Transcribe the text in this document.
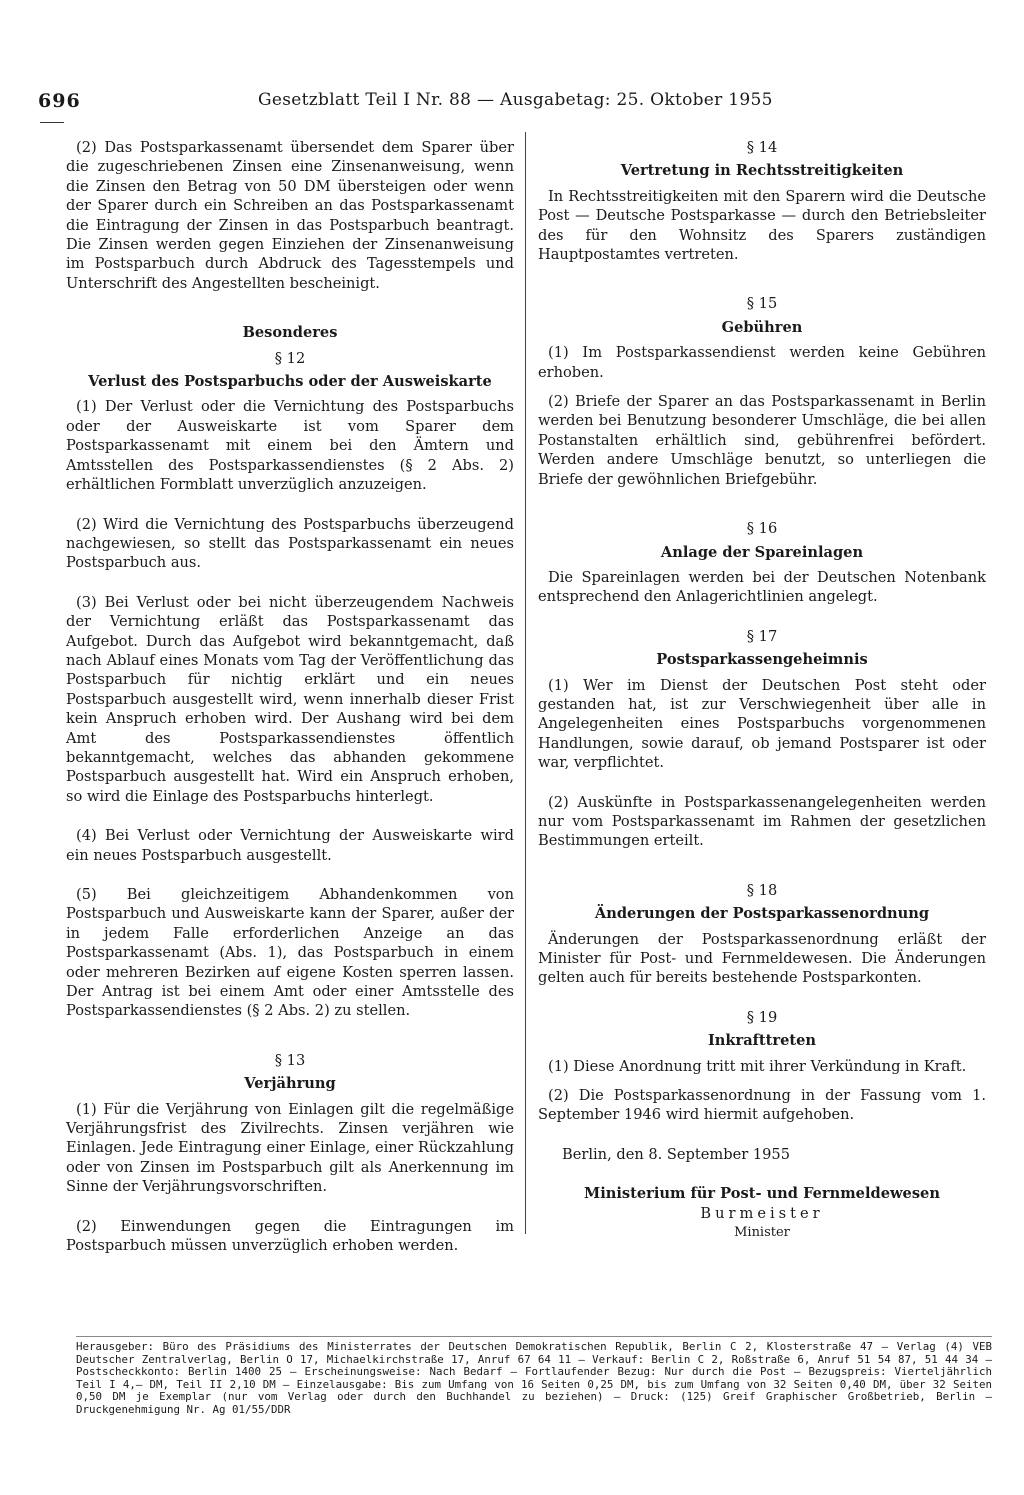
696	Gesetzblatt Teil I Nr. 88 — Ausgabetag: 25. Oktober 1955

(2) Das Postsparkassenamt übersendet dem Sparer über die zugeschriebenen Zinsen eine Zinsenanweisung, wenn die Zinsen den Betrag von 50 DM übersteigen oder wenn der Sparer durch ein Schreiben an das Postsparkassenamt die Eintragung der Zinsen in das Postsparbuch beantragt. Die Zinsen werden gegen Einziehen der Zinsenanweisung im Postsparbuch durch Abdruck des Tagesstempels und Unterschrift des Angestellten bescheinigt.

Besonderes

§ 12

Verlust des Postsparbuchs oder der Ausweiskarte

(1) Der Verlust oder die Vernichtung des Postsparbuchs oder der Ausweiskarte ist vom Sparer dem Postsparkassenamt mit einem bei den Ämtern und Amtsstellen des Postsparkassendienstes (§ 2 Abs. 2) erhältlichen Formblatt unverzüglich anzuzeigen.

(2) Wird die Vernichtung des Postsparbuchs überzeugend nachgewiesen, so stellt das Postsparkassenamt ein neues Postsparbuch aus.

(3) Bei Verlust oder bei nicht überzeugendem Nachweis der Vernichtung erläßt das Postsparkassenamt das Aufgebot. Durch das Aufgebot wird bekanntgemacht, daß nach Ablauf eines Monats vom Tag der Veröffentlichung das Postsparbuch für nichtig erklärt und ein neues Postsparbuch ausgestellt wird, wenn innerhalb dieser Frist kein Anspruch erhoben wird. Der Aushang wird bei dem Amt des Postsparkassendienstes öffentlich bekanntgemacht, welches das abhanden gekommene Postsparbuch ausgestellt hat. Wird ein Anspruch erhoben, so wird die Einlage des Postsparbuchs hinterlegt.

(4) Bei Verlust oder Vernichtung der Ausweiskarte wird ein neues Postsparbuch ausgestellt.

(5) Bei gleichzeitigem Abhandenkommen von Postsparbuch und Ausweiskarte kann der Sparer, außer der in jedem Falle erforderlichen Anzeige an das Postsparkassenamt (Abs. 1), das Postsparbuch in einem oder mehreren Bezirken auf eigene Kosten sperren lassen. Der Antrag ist bei einem Amt oder einer Amtsstelle des Postsparkassendienstes (§ 2 Abs. 2) zu stellen.

§ 13

Verjährung

(1) Für die Verjährung von Einlagen gilt die regelmäßige Verjährungsfrist des Zivilrechts. Zinsen verjähren wie Einlagen. Jede Eintragung einer Einlage, einer Rückzahlung oder von Zinsen im Postsparbuch gilt als Anerkennung im Sinne der Verjährungsvorschriften.

(2) Einwendungen gegen die Eintragungen im Postsparbuch müssen unverzüglich erhoben werden.

§ 14

Vertretung in Rechtsstreitigkeiten

In Rechtsstreitigkeiten mit den Sparern wird die Deutsche Post — Deutsche Postsparkasse — durch den Betriebsleiter des für den Wohnsitz des Sparers zuständigen Hauptpostamtes vertreten.

§ 15

Gebühren

(1) Im Postsparkassendienst werden keine Gebühren erhoben.

(2) Briefe der Sparer an das Postsparkassenamt in Berlin werden bei Benutzung besonderer Umschläge, die bei allen Postanstalten erhältlich sind, gebührenfrei befördert. Werden andere Umschläge benutzt, so unterliegen die Briefe der gewöhnlichen Briefgebühr.

§ 16

Anlage der Spareinlagen

Die Spareinlagen werden bei der Deutschen Notenbank entsprechend den Anlagerichtlinien angelegt.

§ 17

Postsparkassengeheimnis

(1) Wer im Dienst der Deutschen Post steht oder gestanden hat, ist zur Verschwiegenheit über alle in Angelegenheiten eines Postsparbuchs vorgenommenen Handlungen, sowie darauf, ob jemand Postsparer ist oder war, verpflichtet.

(2) Auskünfte in Postsparkassenangelegenheiten werden nur vom Postsparkassenamt im Rahmen der gesetzlichen Bestimmungen erteilt.

§ 18

Änderungen der Postsparkassenordnung

Änderungen der Postsparkassenordnung erläßt der Minister für Post- und Fernmeldewesen. Die Änderungen gelten auch für bereits bestehende Postsparkonten.

§ 19

Inkrafttreten

(1) Diese Anordnung tritt mit ihrer Verkündung in Kraft.

(2) Die Postsparkassenordnung in der Fassung vom 1. September 1946 wird hiermit aufgehoben.

Berlin, den 8. September 1955

Ministerium für Post- und Fernmeldewesen

Burmeister

Minister

Herausgeber: Büro des Präsidiums des Ministerrates der Deutschen Demokratischen Republik, Berlin C 2, Klosterstraße 47 — Verlag (4) VEB Deutscher Zentralverlag, Berlin O 17, Michaelkirchstraße 17, Anruf 67 64 11 — Verkauf: Berlin C 2, Roßstraße 6, Anruf 51 54 87, 51 44 34 — Postscheckkonto: Berlin 1400 25 — Erscheinungsweise: Nach Bedarf — Fortlaufender Bezug: Nur durch die Post — Bezugspreis: Vierteljährlich Teil I 4,— DM, Teil II 2,10 DM — Einzelausgabe: Bis zum Umfang von 16 Seiten 0,25 DM, bis zum Umfang von 32 Seiten 0,40 DM, über 32 Seiten 0,50 DM je Exemplar (nur vom Verlag oder durch den Buchhandel zu beziehen) — Druck: (125) Greif Graphischer Großbetrieb, Berlin — Druckgenehmigung Nr. Ag 01/55/DDR
